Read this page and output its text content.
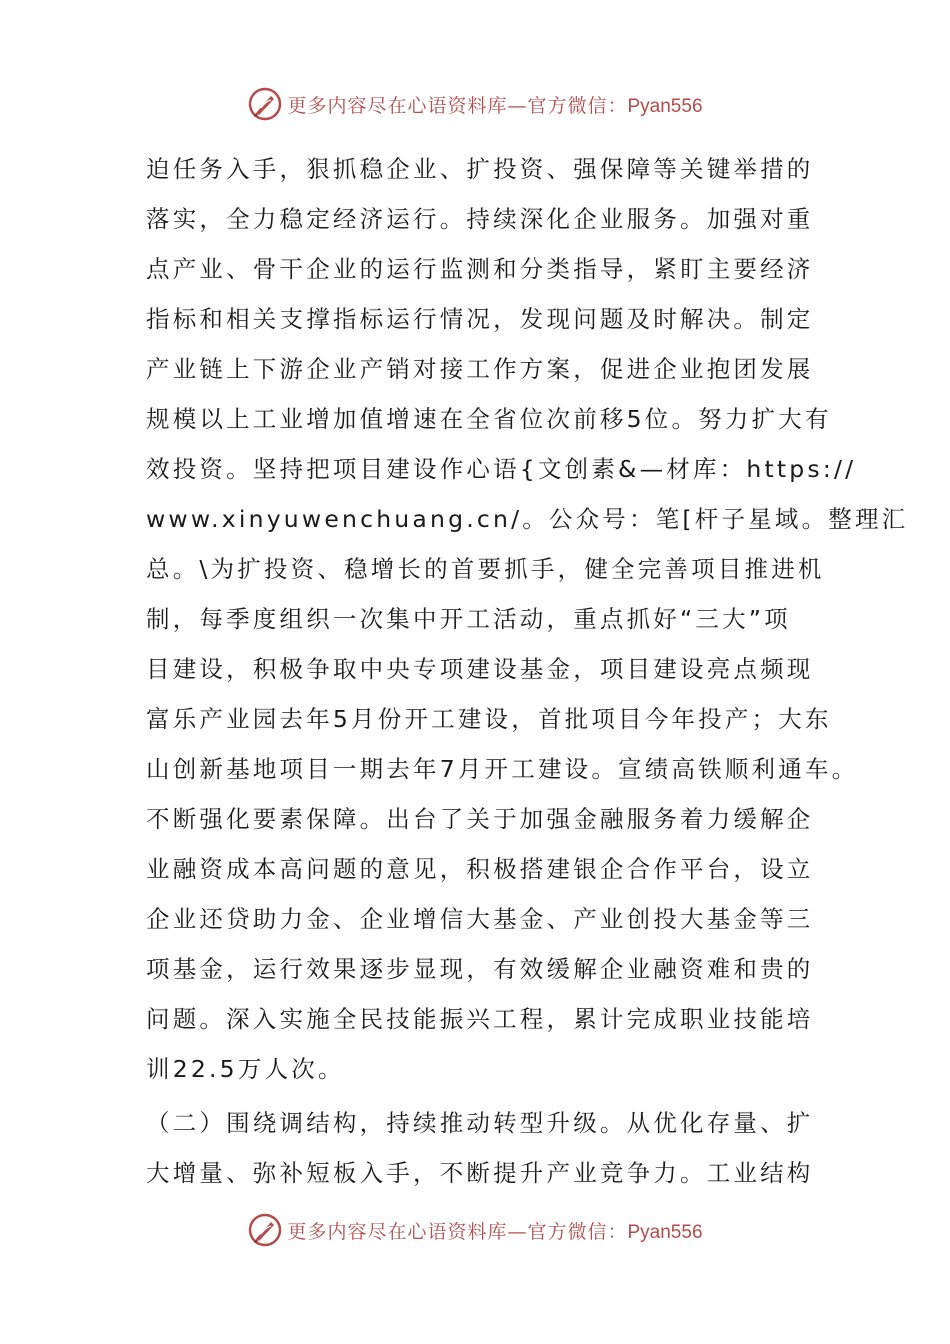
更多内容尽在心语资料库—官方微信：Pyan556
迫任务入手，狠抓稳企业、扩投资、强保障等关键举措的
落实，全力稳定经济运行。持续深化企业服务。加强对重
点产业、骨干企业的运行监测和分类指导，紧盯主要经济
指标和相关支撑指标运行情况，发现问题及时解决。制定
产业链上下游企业产销对接工作方案，促进企业抱团发展
规模以上工业增加值增速在全省位次前移5位。努力扩大有
效投资。坚持把项目建设作心语{文创素&—材库：https://
www.xinyuwenchuang.cn/。公众号：笔[杆子星域。整理汇
总。\为扩投资、稳增长的首要抓手，健全完善项目推进机
制，每季度组织一次集中开工活动，重点抓好“三大”项
目建设，积极争取中央专项建设基金，项目建设亮点频现
富乐产业园去年5月份开工建设，首批项目今年投产；大东
山创新基地项目一期去年7月开工建设。宣绩高铁顺利通车。
不断强化要素保障。出台了关于加强金融服务着力缓解企
业融资成本高问题的意见，积极搭建银企合作平台，设立
企业还贷助力金、企业增信大基金、产业创投大基金等三
项基金，运行效果逐步显现，有效缓解企业融资难和贵的
问题。深入实施全民技能振兴工程，累计完成职业技能培
训22.5万人次。
（二）围绕调结构，持续推动转型升级。从优化存量、扩
大增量、弥补短板入手，不断提升产业竞争力。工业结构
更多内容尽在心语资料库—官方微信：Pyan556
